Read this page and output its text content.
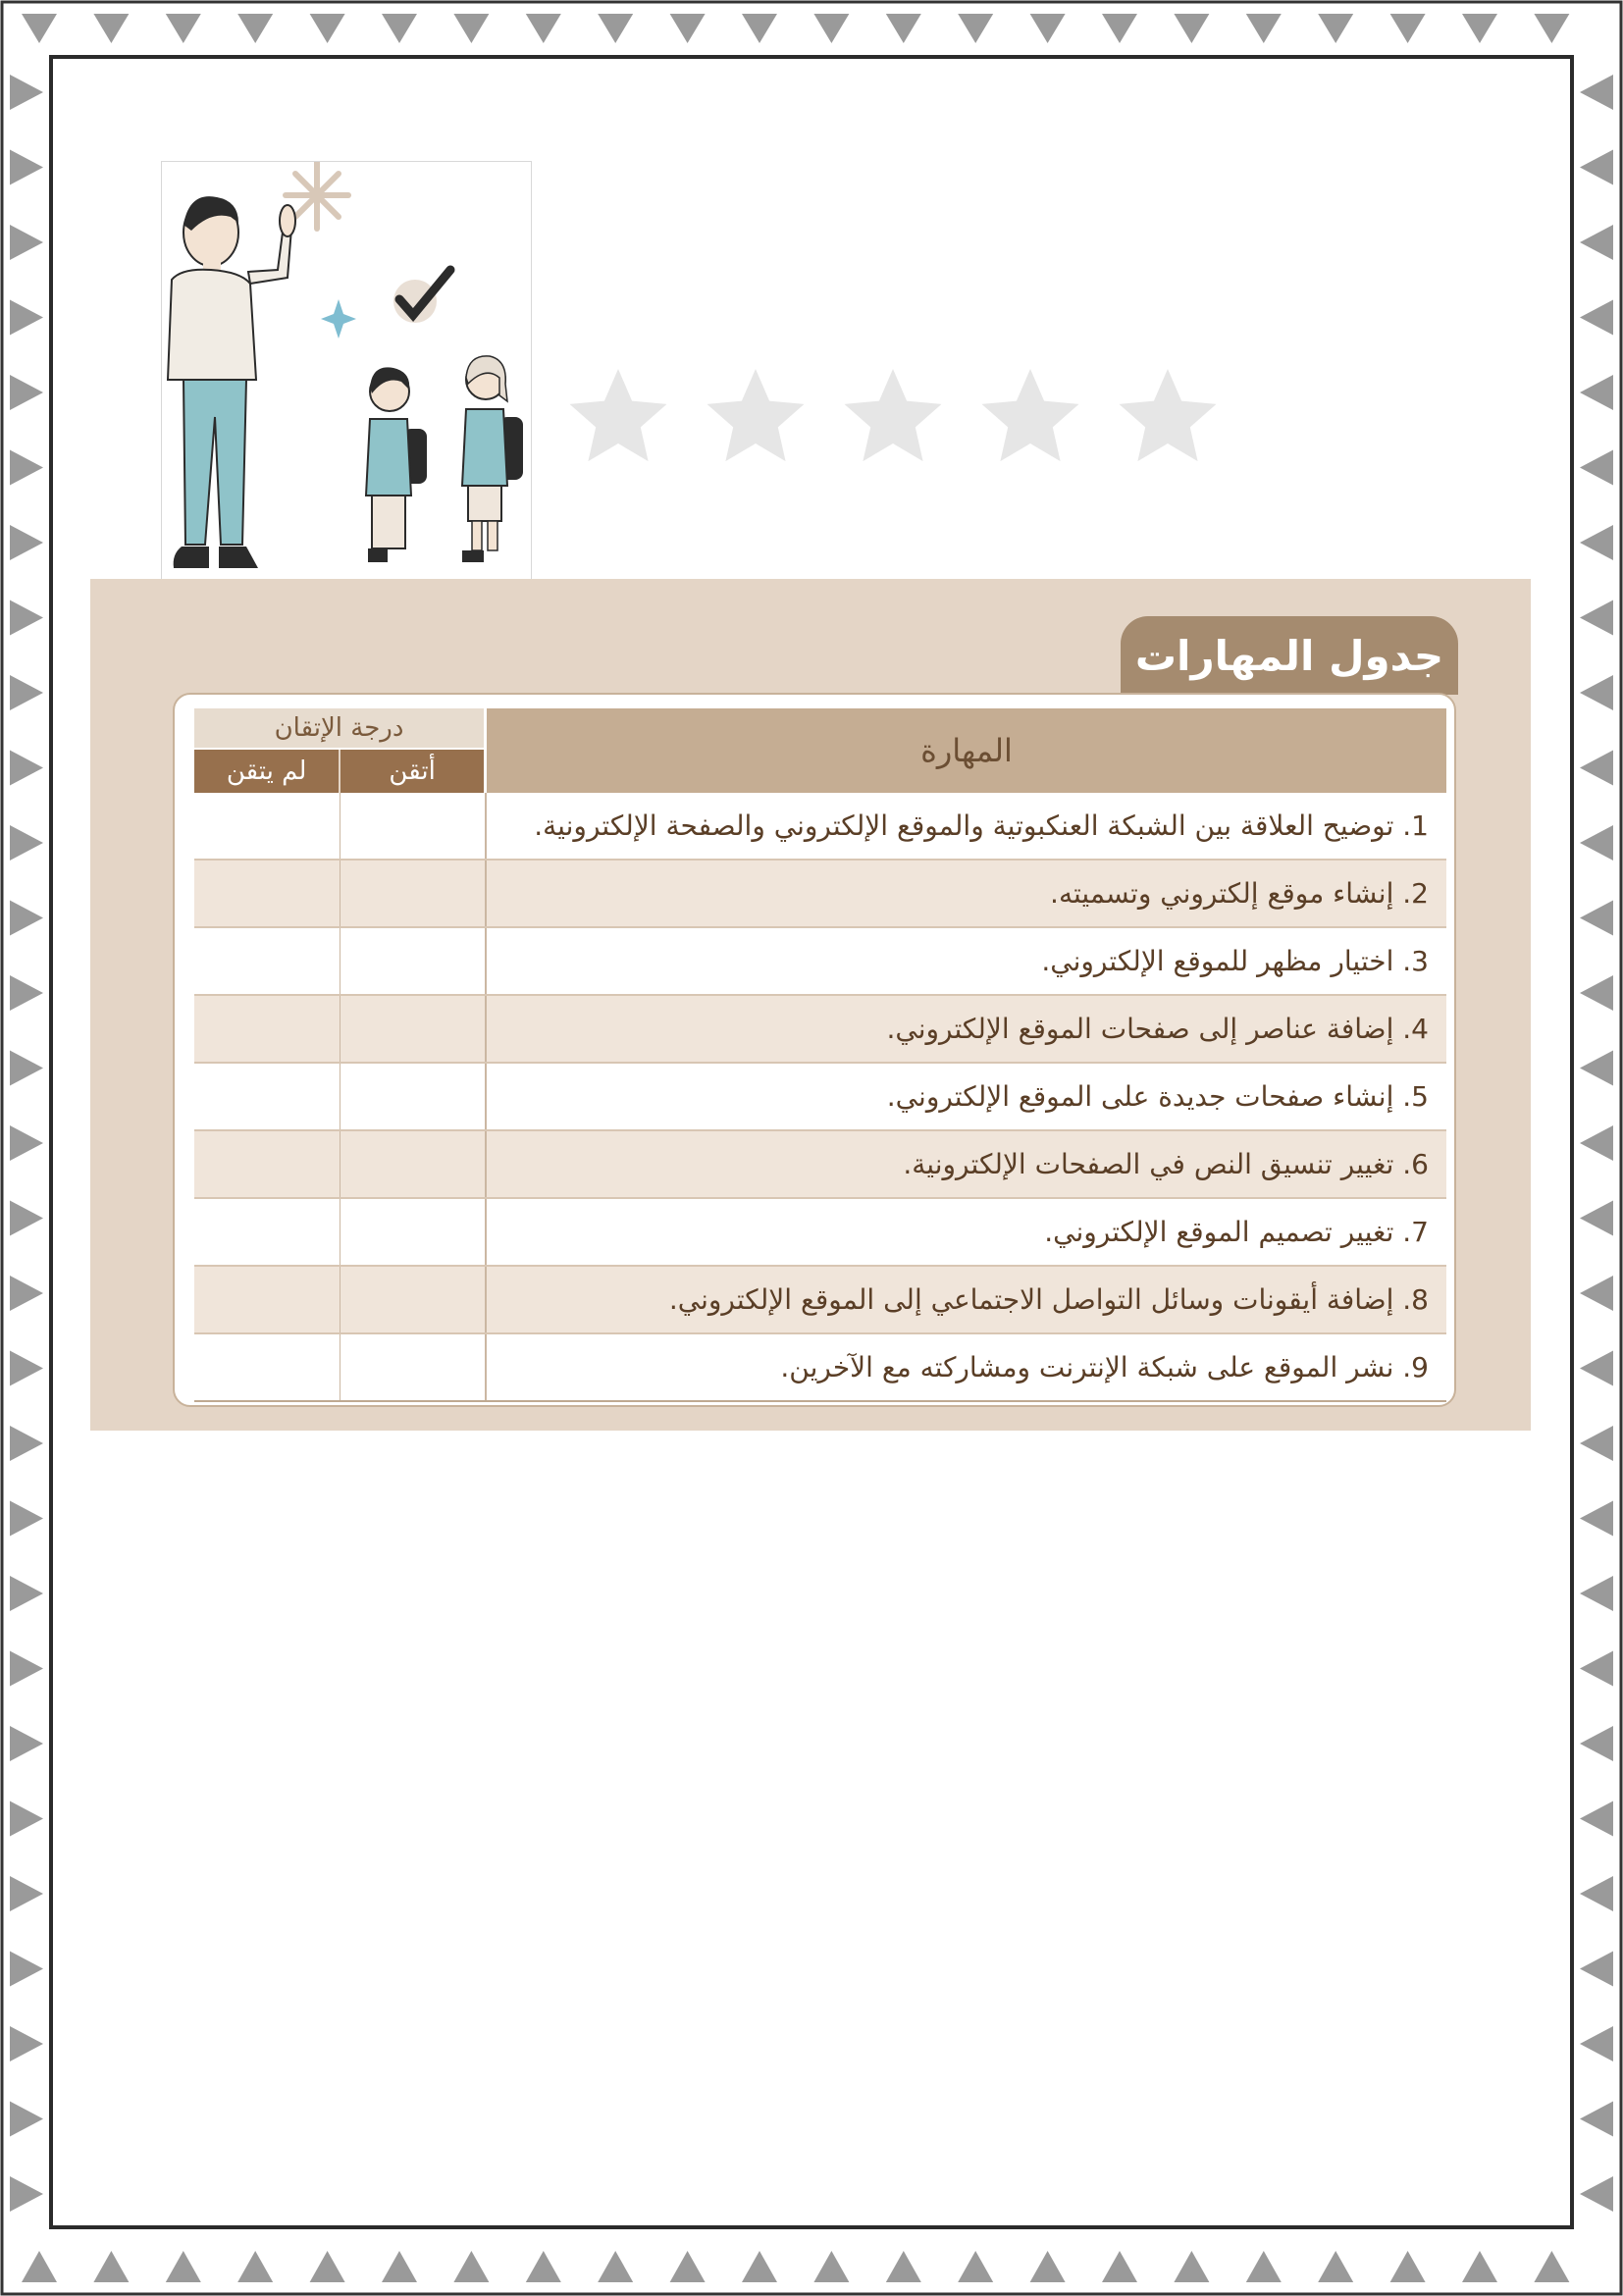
جدول المهارات
المهارة	درجة الإتقان	
	أتقن	لم يتقن
1. توضيح العلاقة بين الشبكة العنكبوتية والموقع الإلكتروني والصفحة الإلكترونية.		
2. إنشاء موقع إلكتروني وتسميته.		
3. اختيار مظهر للموقع الإلكتروني.		
4. إضافة عناصر إلى صفحات الموقع الإلكتروني.		
5. إنشاء صفحات جديدة على الموقع الإلكتروني.		
6. تغيير تنسيق النص في الصفحات الإلكترونية.		
7. تغيير تصميم الموقع الإلكتروني.		
8. إضافة أيقونات وسائل التواصل الاجتماعي إلى الموقع الإلكتروني.		
9. نشر الموقع على شبكة الإنترنت ومشاركته مع الآخرين.		
